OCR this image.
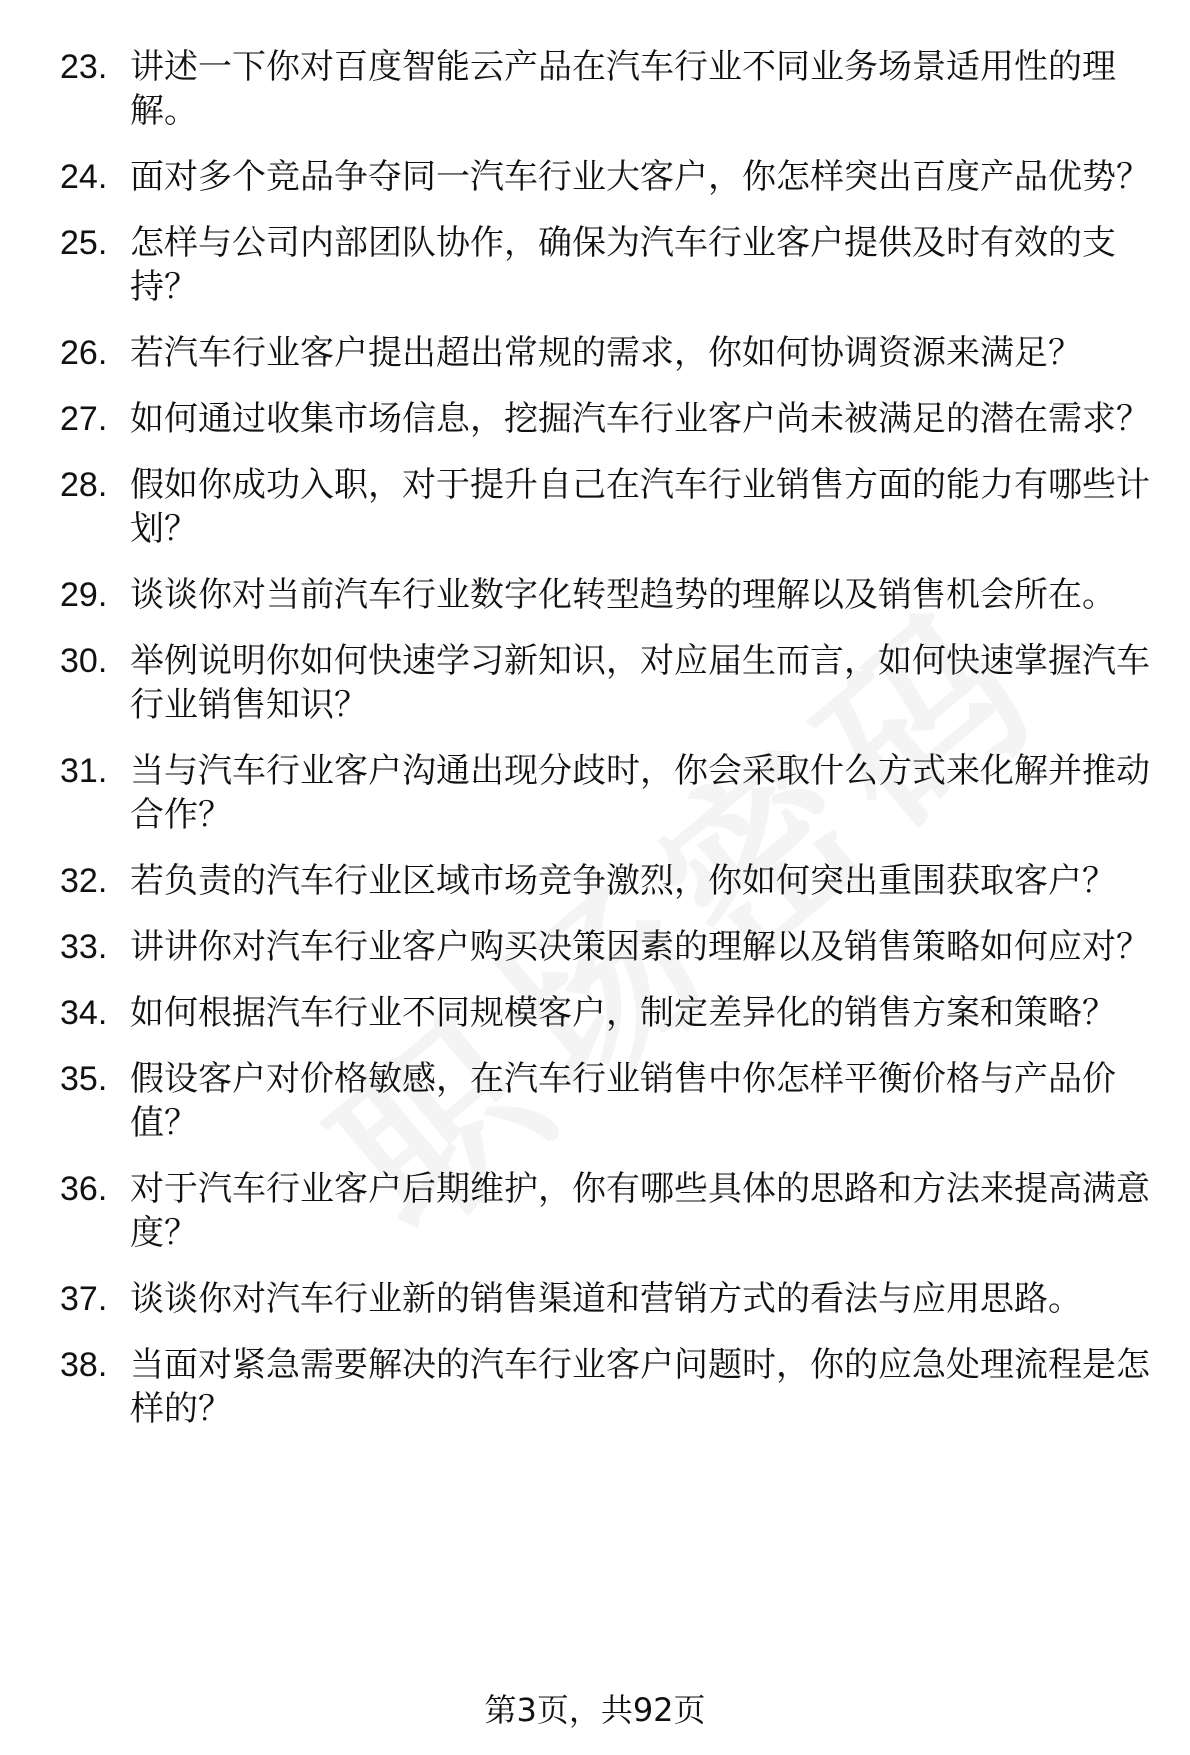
23. 讲述一下你对百度智能云产品在汽车行业不同业务场景适用性的理解。
24. 面对多个竞品争夺同一汽车行业大客户，你怎样突出百度产品优势？
25. 怎样与公司内部团队协作，确保为汽车行业客户提供及时有效的支持？
26. 若汽车行业客户提出超出常规的需求，你如何协调资源来满足？
27. 如何通过收集市场信息，挖掘汽车行业客户尚未被满足的潜在需求？
28. 假如你成功入职，对于提升自己在汽车行业销售方面的能力有哪些计划？
29. 谈谈你对当前汽车行业数字化转型趋势的理解以及销售机会所在。
30. 举例说明你如何快速学习新知识，对应届生而言，如何快速掌握汽车行业销售知识？
31. 当与汽车行业客户沟通出现分歧时，你会采取什么方式来化解并推动合作？
32. 若负责的汽车行业区域市场竞争激烈，你如何突出重围获取客户？
33. 讲讲你对汽车行业客户购买决策因素的理解以及销售策略如何应对？
34. 如何根据汽车行业不同规模客户，制定差异化的销售方案和策略？
35. 假设客户对价格敏感，在汽车行业销售中你怎样平衡价格与产品价值？
36. 对于汽车行业客户后期维护，你有哪些具体的思路和方法来提高满意度？
37. 谈谈你对汽车行业新的销售渠道和营销方式的看法与应用思路。
38. 当面对紧急需要解决的汽车行业客户问题时，你的应急处理流程是怎样的？
第3页，共92页
